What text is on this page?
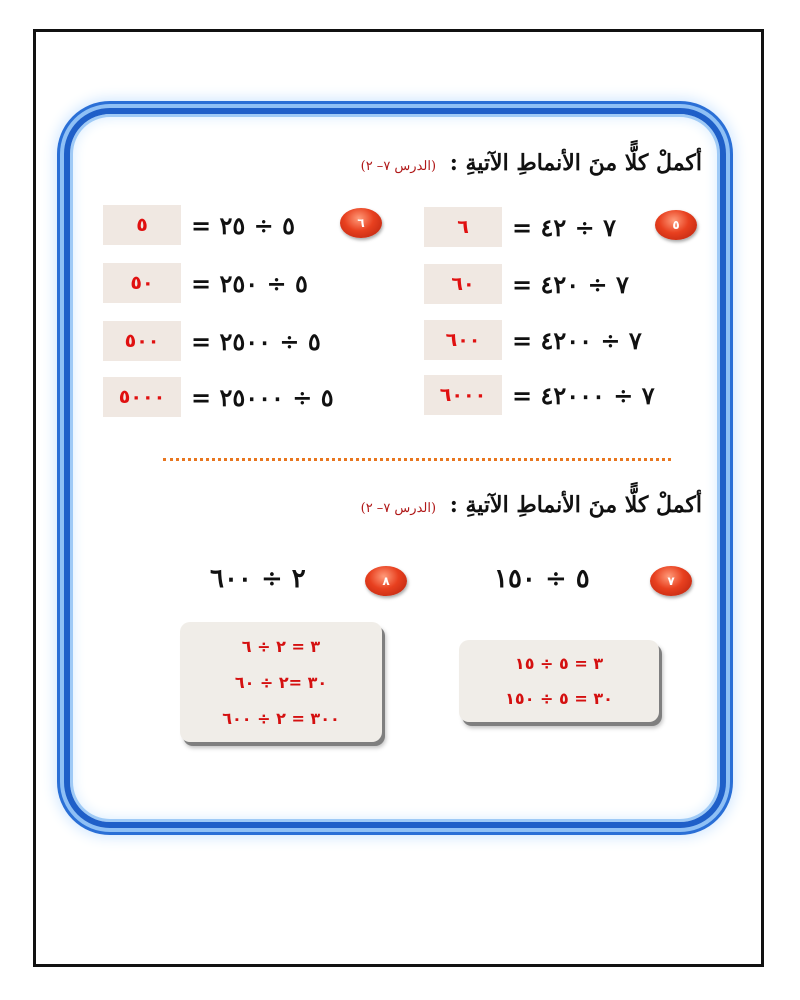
أكملْ كلًّا منَ الأنماطِ الآتيةِ : (الدرس ٧– ٢)
٦
٥ = ٥ ÷ ٢٥
٥٠ = ٥ ÷ ٢٥٠
٥٠٠ = ٥ ÷ ٢٥٠٠
٥٠٠٠ = ٥ ÷ ٢٥٠٠٠
٥
٦ = ٧ ÷ ٤٢
٦٠ = ٧ ÷ ٤٢٠
٦٠٠ = ٧ ÷ ٤٢٠٠
٦٠٠٠ = ٧ ÷ ٤٢٠٠٠
أكملْ كلًّا منَ الأنماطِ الآتيةِ : (الدرس ٧– ٢)
٨
٢ ÷ ٦٠٠	٧
٥ ÷ ١٥٠
٣ = ٢ ÷ ٦
٣٠ =٢ ÷ ٦٠
٣٠٠ = ٢ ÷ ٦٠٠
٣ = ٥ ÷ ١٥
٣٠ = ٥ ÷ ١٥٠
